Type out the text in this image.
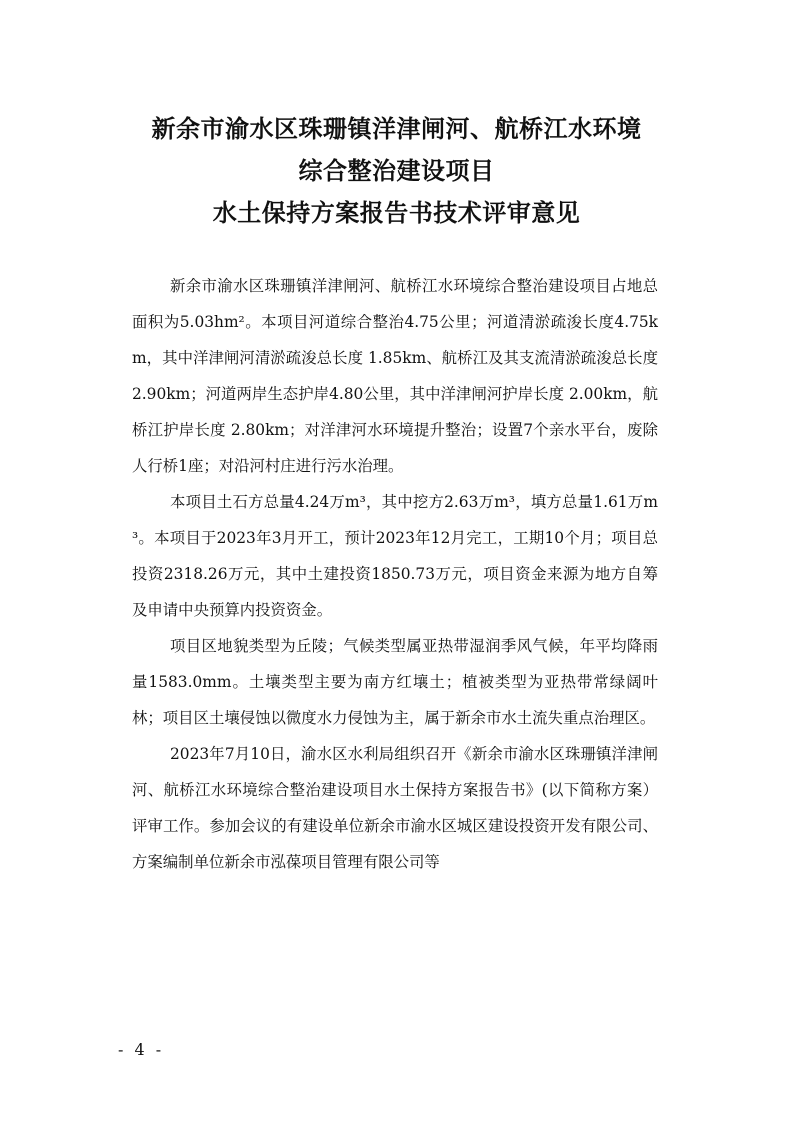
新余市渝水区珠珊镇洋津闸河、航桥江水环境
综合整治建设项目
水土保持方案报告书技术评审意见

新余市渝水区珠珊镇洋津闸河、航桥江水环境综合整治建设项目占地总面积为5.03hm²。本项目河道综合整治4.75公里；河道清淤疏浚长度4.75km，其中洋津闸河清淤疏浚总长度 1.85km、航桥江及其支流清淤疏浚总长度2.90km；河道两岸生态护岸4.80公里，其中洋津闸河护岸长度 2.00km，航桥江护岸长度 2.80km；对洋津河水环境提升整治；设置7个亲水平台，废除人行桥1座；对沿河村庄进行污水治理。

本项目土石方总量4.24万m³，其中挖方2.63万m³，填方总量1.61万m³。本项目于2023年3月开工，预计2023年12月完工，工期10个月；项目总投资2318.26万元，其中土建投资1850.73万元，项目资金来源为地方自筹及申请中央预算内投资资金。

项目区地貌类型为丘陵；气候类型属亚热带湿润季风气候，年平均降雨量1583.0mm。土壤类型主要为南方红壤土；植被类型为亚热带常绿阔叶林；项目区土壤侵蚀以微度水力侵蚀为主，属于新余市水土流失重点治理区。

2023年7月10日，渝水区水利局组织召开《新余市渝水区珠珊镇洋津闸河、航桥江水环境综合整治建设项目水土保持方案报告书》(以下简称方案）评审工作。参加会议的有建设单位新余市渝水区城区建设投资开发有限公司、方案编制单位新余市泓葆项目管理有限公司等

- 4 -
